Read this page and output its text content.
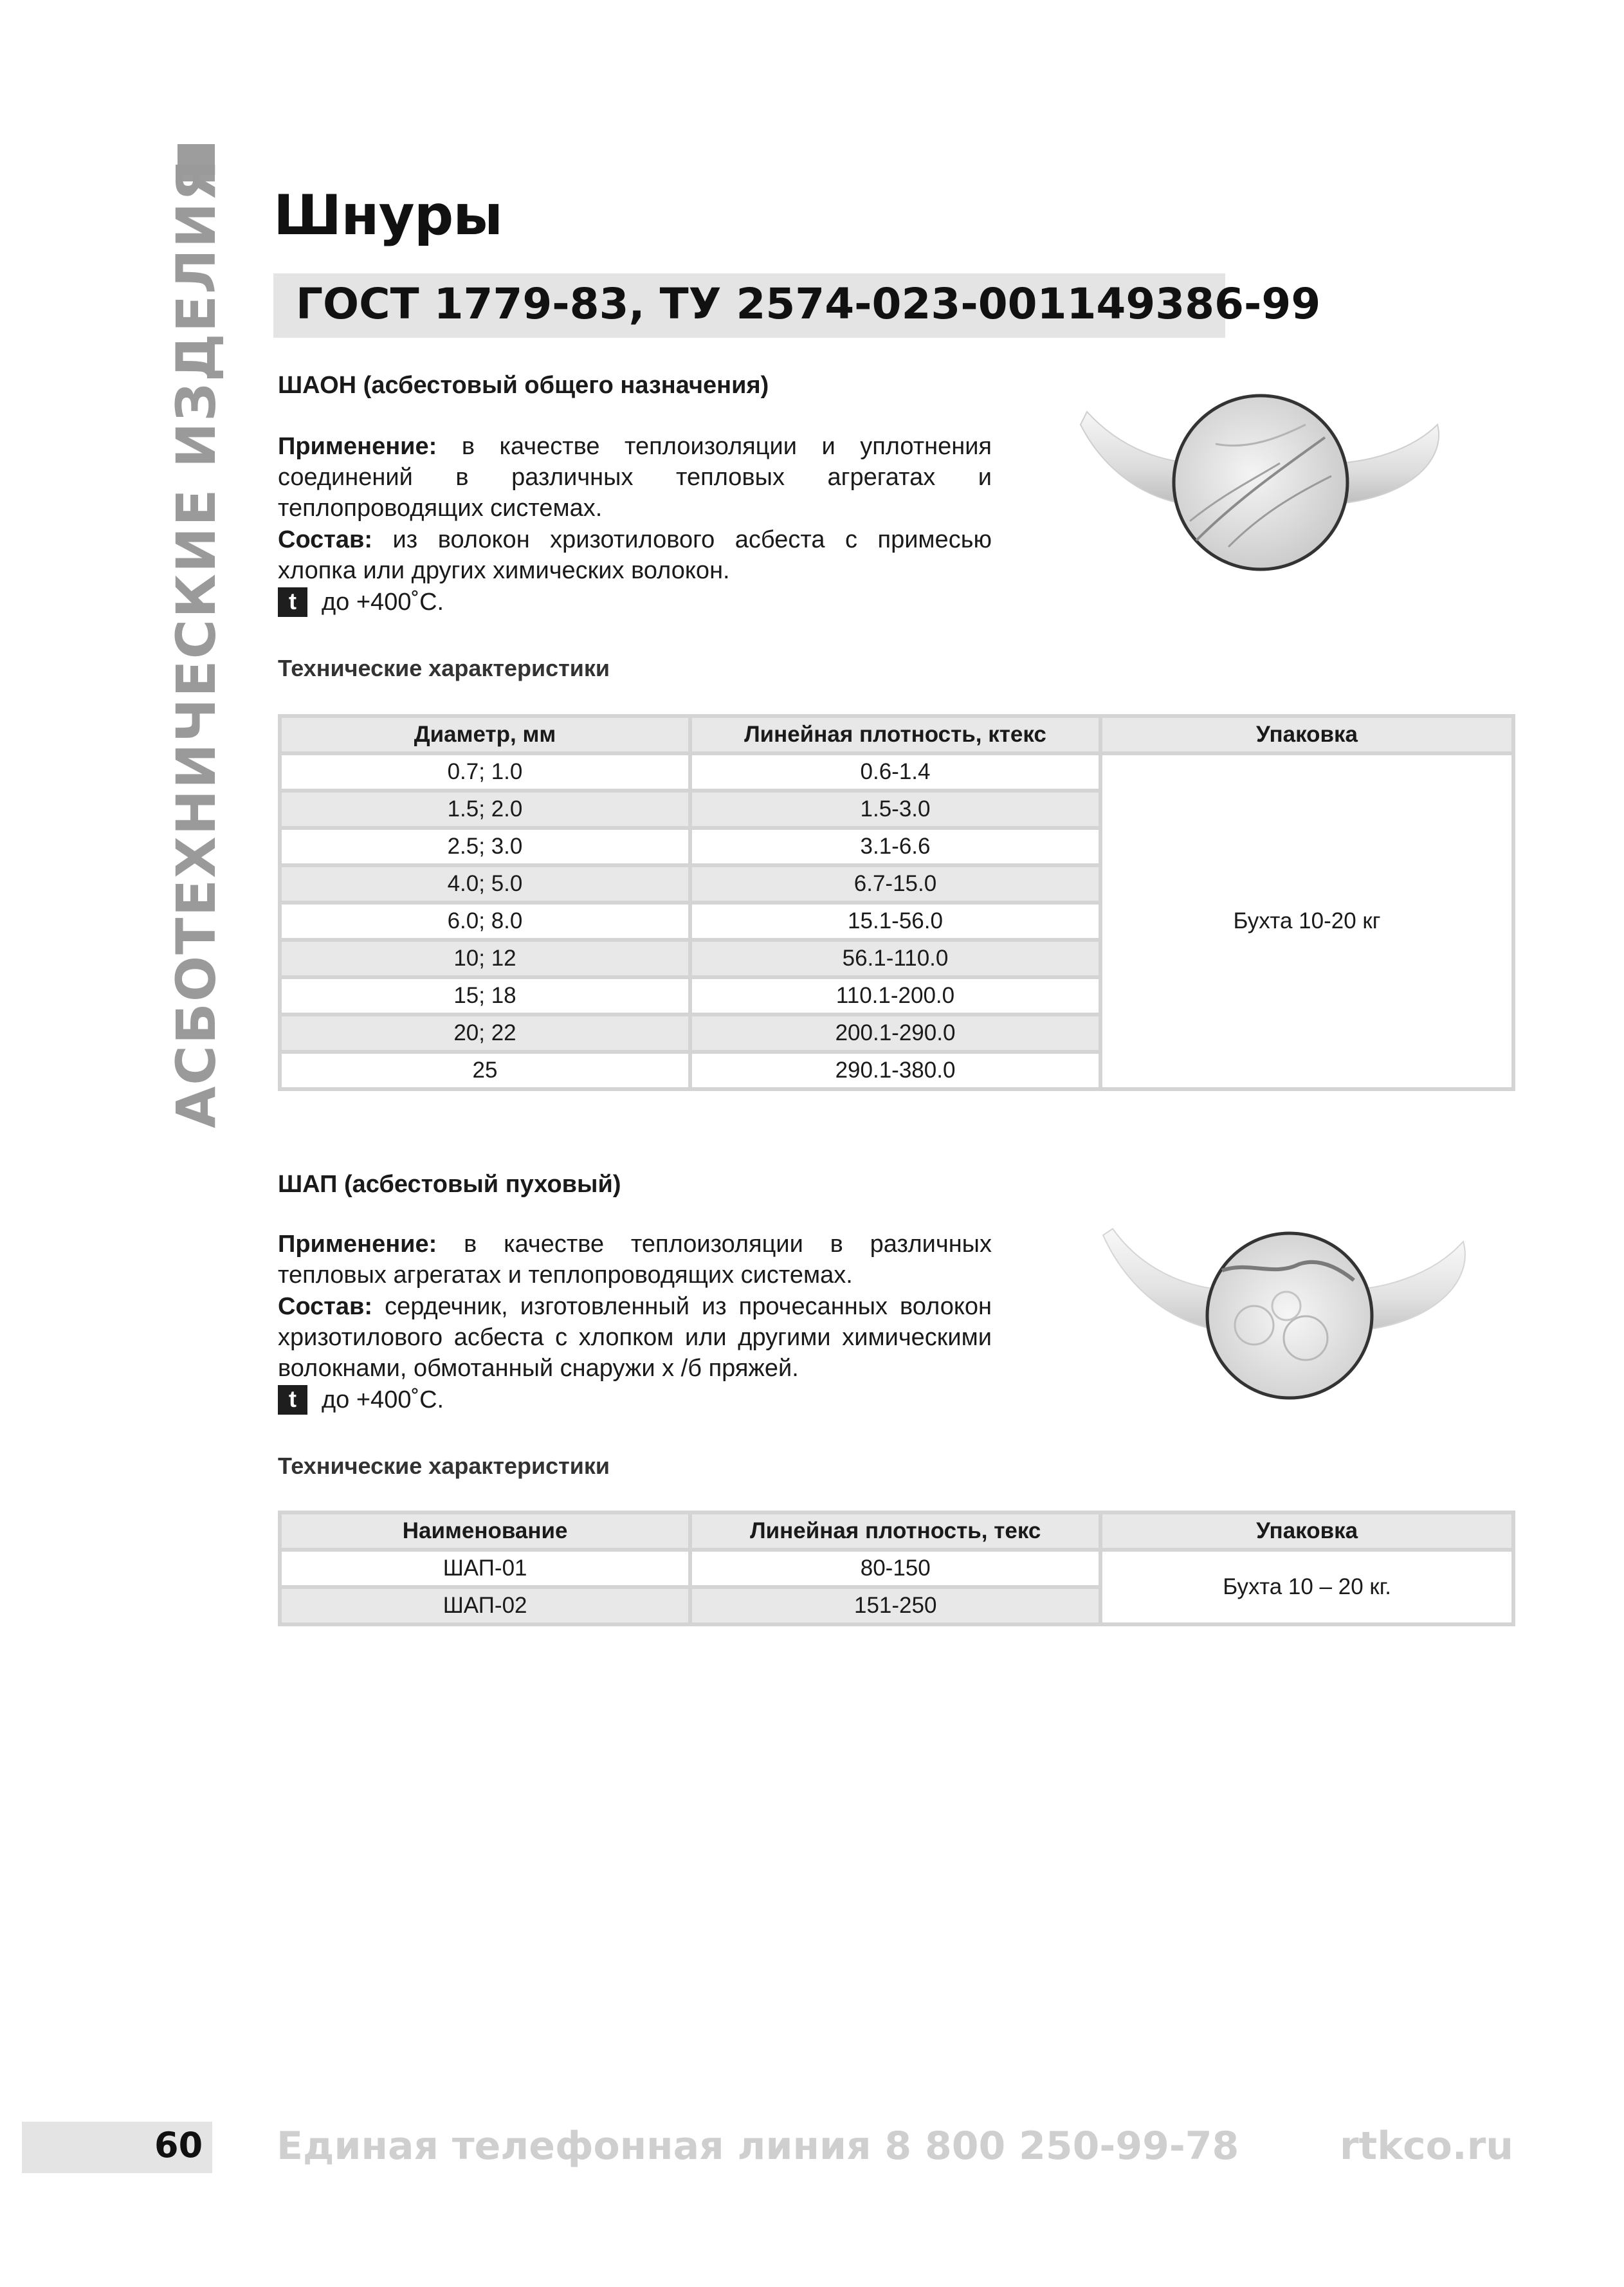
АСБОТЕХНИЧЕСКИЕ ИЗДЕЛИЯ Шнуры
ГОСТ 1779-83, ТУ 2574-023-001149386-99
ШАОН (асбестовый общего назначения)

Применение: в качестве теплоизоляции и уплотнения соединений в различных тепловых агрегатах и теплопроводящих системах.

Состав: из волокон хризотилового асбеста с примесью хлопка или других химических волокон.

t	до +400˚С.
Технические характеристики
Диаметр, мм	Линейная плотность, ктекс	Упаковка
0.7; 1.0	0.6-1.4	Бухта 10-20 кг
1.5; 2.0	1.5-3.0	
2.5; 3.0	3.1-6.6	
4.0; 5.0	6.7-15.0	
6.0; 8.0	15.1-56.0	
10; 12	56.1-110.0	
15; 18	110.1-200.0	
20; 22	200.1-290.0	
25	290.1-380.0	
ШАП (асбестовый пуховый)

Применение: в качестве теплоизоляции в различных тепловых агрегатах и теплопроводящих системах.

Состав: сердечник, изготовленный из прочесанных волокон хризотилового асбеста с хлопком или другими химическими волокнами, обмотанный снаружи х /б пряжей.

t	до +400˚С.
Технические характеристики
Наименование	Линейная плотность, текс	Упаковка
ШАП-01	80-150	Бухта 10 – 20 кг.
ШАП-02	151-250	
60 Единая телефонная линия 8 800 250-99-78	rtkco.ru
